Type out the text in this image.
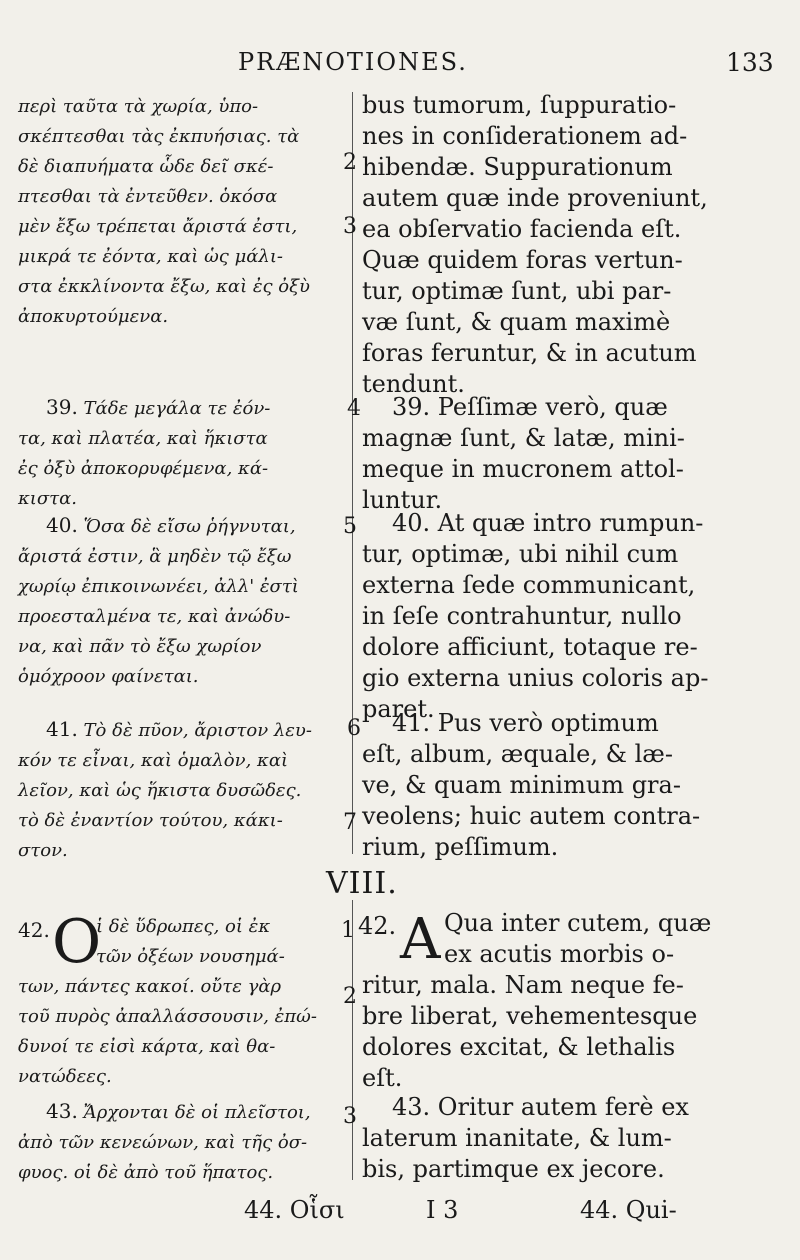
PRÆNOTIONES.	133
περὶ ταῦτα τὰ χωρία, ὑπο-
σκέπτεσθαι τὰς ἐκπυήσιας. τὰ
δὲ διαπυήματα ὧδε δεῖ σκέ-
πτεσθαι τὰ ἐντεῦθεν. ὁκόσα
μὲν ἔξω τρέπεται ἄριστά ἐστι,
μικρά τε ἐόντα, καὶ ὡς μάλι-
στα ἐκκλίνοντα ἔξω, καὶ ἐς ὀξὺ
ἀποκυρτούμενα.
39. Τάδε μεγάλα τε ἐόν-
τα, καὶ πλατέα, καὶ ἥκιστα
ἐς ὀξὺ ἀποκορυφέμενα, κά-
κιστα.
40. Ὅσα δὲ εἴσω ῥήγνυται,
ἄριστά ἐστιν, ἃ μηδὲν τῷ ἔξω
χωρίῳ ἐπικοινωνέει, ἀλλ' ἐστὶ
προεσταλμένα τε, καὶ ἀνώδυ-
να, καὶ πᾶν τὸ ἔξω χωρίον
ὁμόχροον φαίνεται.
41. Τὸ δὲ πῦον, ἄριστον λευ-
κόν τε εἶναι, καὶ ὁμαλὸν, καὶ
λεῖον, καὶ ὡς ἥκιστα δυσῶδες.
τὸ δὲ ἐναντίον τούτου, κάκι-
στον.
VIII.
42. Ο
ἱ δὲ ὕδρωπες, οἱ ἐκ
τῶν ὀξέων νουσημά-
των, πάντες κακοί. οὔτε γὰρ
τοῦ πυρὸς ἀπαλλάσσουσιν, ἐπώ-
δυνοί τε εἰσὶ κάρτα, καὶ θα-
νατώδεες.
43. Ἄρχονται δὲ οἱ πλεῖστοι,
ἀπὸ τῶν κενεώνων, καὶ τῆς ὀσ-
φυος. οἱ δὲ ἀπὸ τοῦ ἥπατος.
44. Οἷσι
2
3
4
5
6
7
1
2
3
bus tumorum, ſuppuratio-
nes in conſiderationem ad-
hibendæ. Suppurationum
autem quæ inde proveniunt,
ea obſervatio facienda eſt.
Quæ quidem foras vertun-
tur, optimæ ſunt, ubi par-
væ ſunt, & quam maximè
foras feruntur, & in acutum
tendunt.
39. Peſſimæ verò, quæ
magnæ ſunt, & latæ, mini-
meque in mucronem attol-
luntur.
40. At quæ intro rumpun-
tur, optimæ, ubi nihil cum
externa ſede communicant,
in ſeſe contrahuntur, nullo
dolore afficiunt, totaque re-
gio externa unius coloris ap-
paret.
41. Pus verò optimum
eſt, album, æquale, & læ-
ve, & quam minimum gra-
veolens; huic autem contra-
rium, peſſimum.
42. A Qua inter cutem, quæ
ex acutis morbis o-
ritur, mala. Nam neque fe-
bre liberat, vehementesque
dolores excitat, & lethalis
eſt.
43. Oritur autem ferè ex
laterum inanitate, & lum-
bis, partimque ex jecore.
I 3	44. Qui-
